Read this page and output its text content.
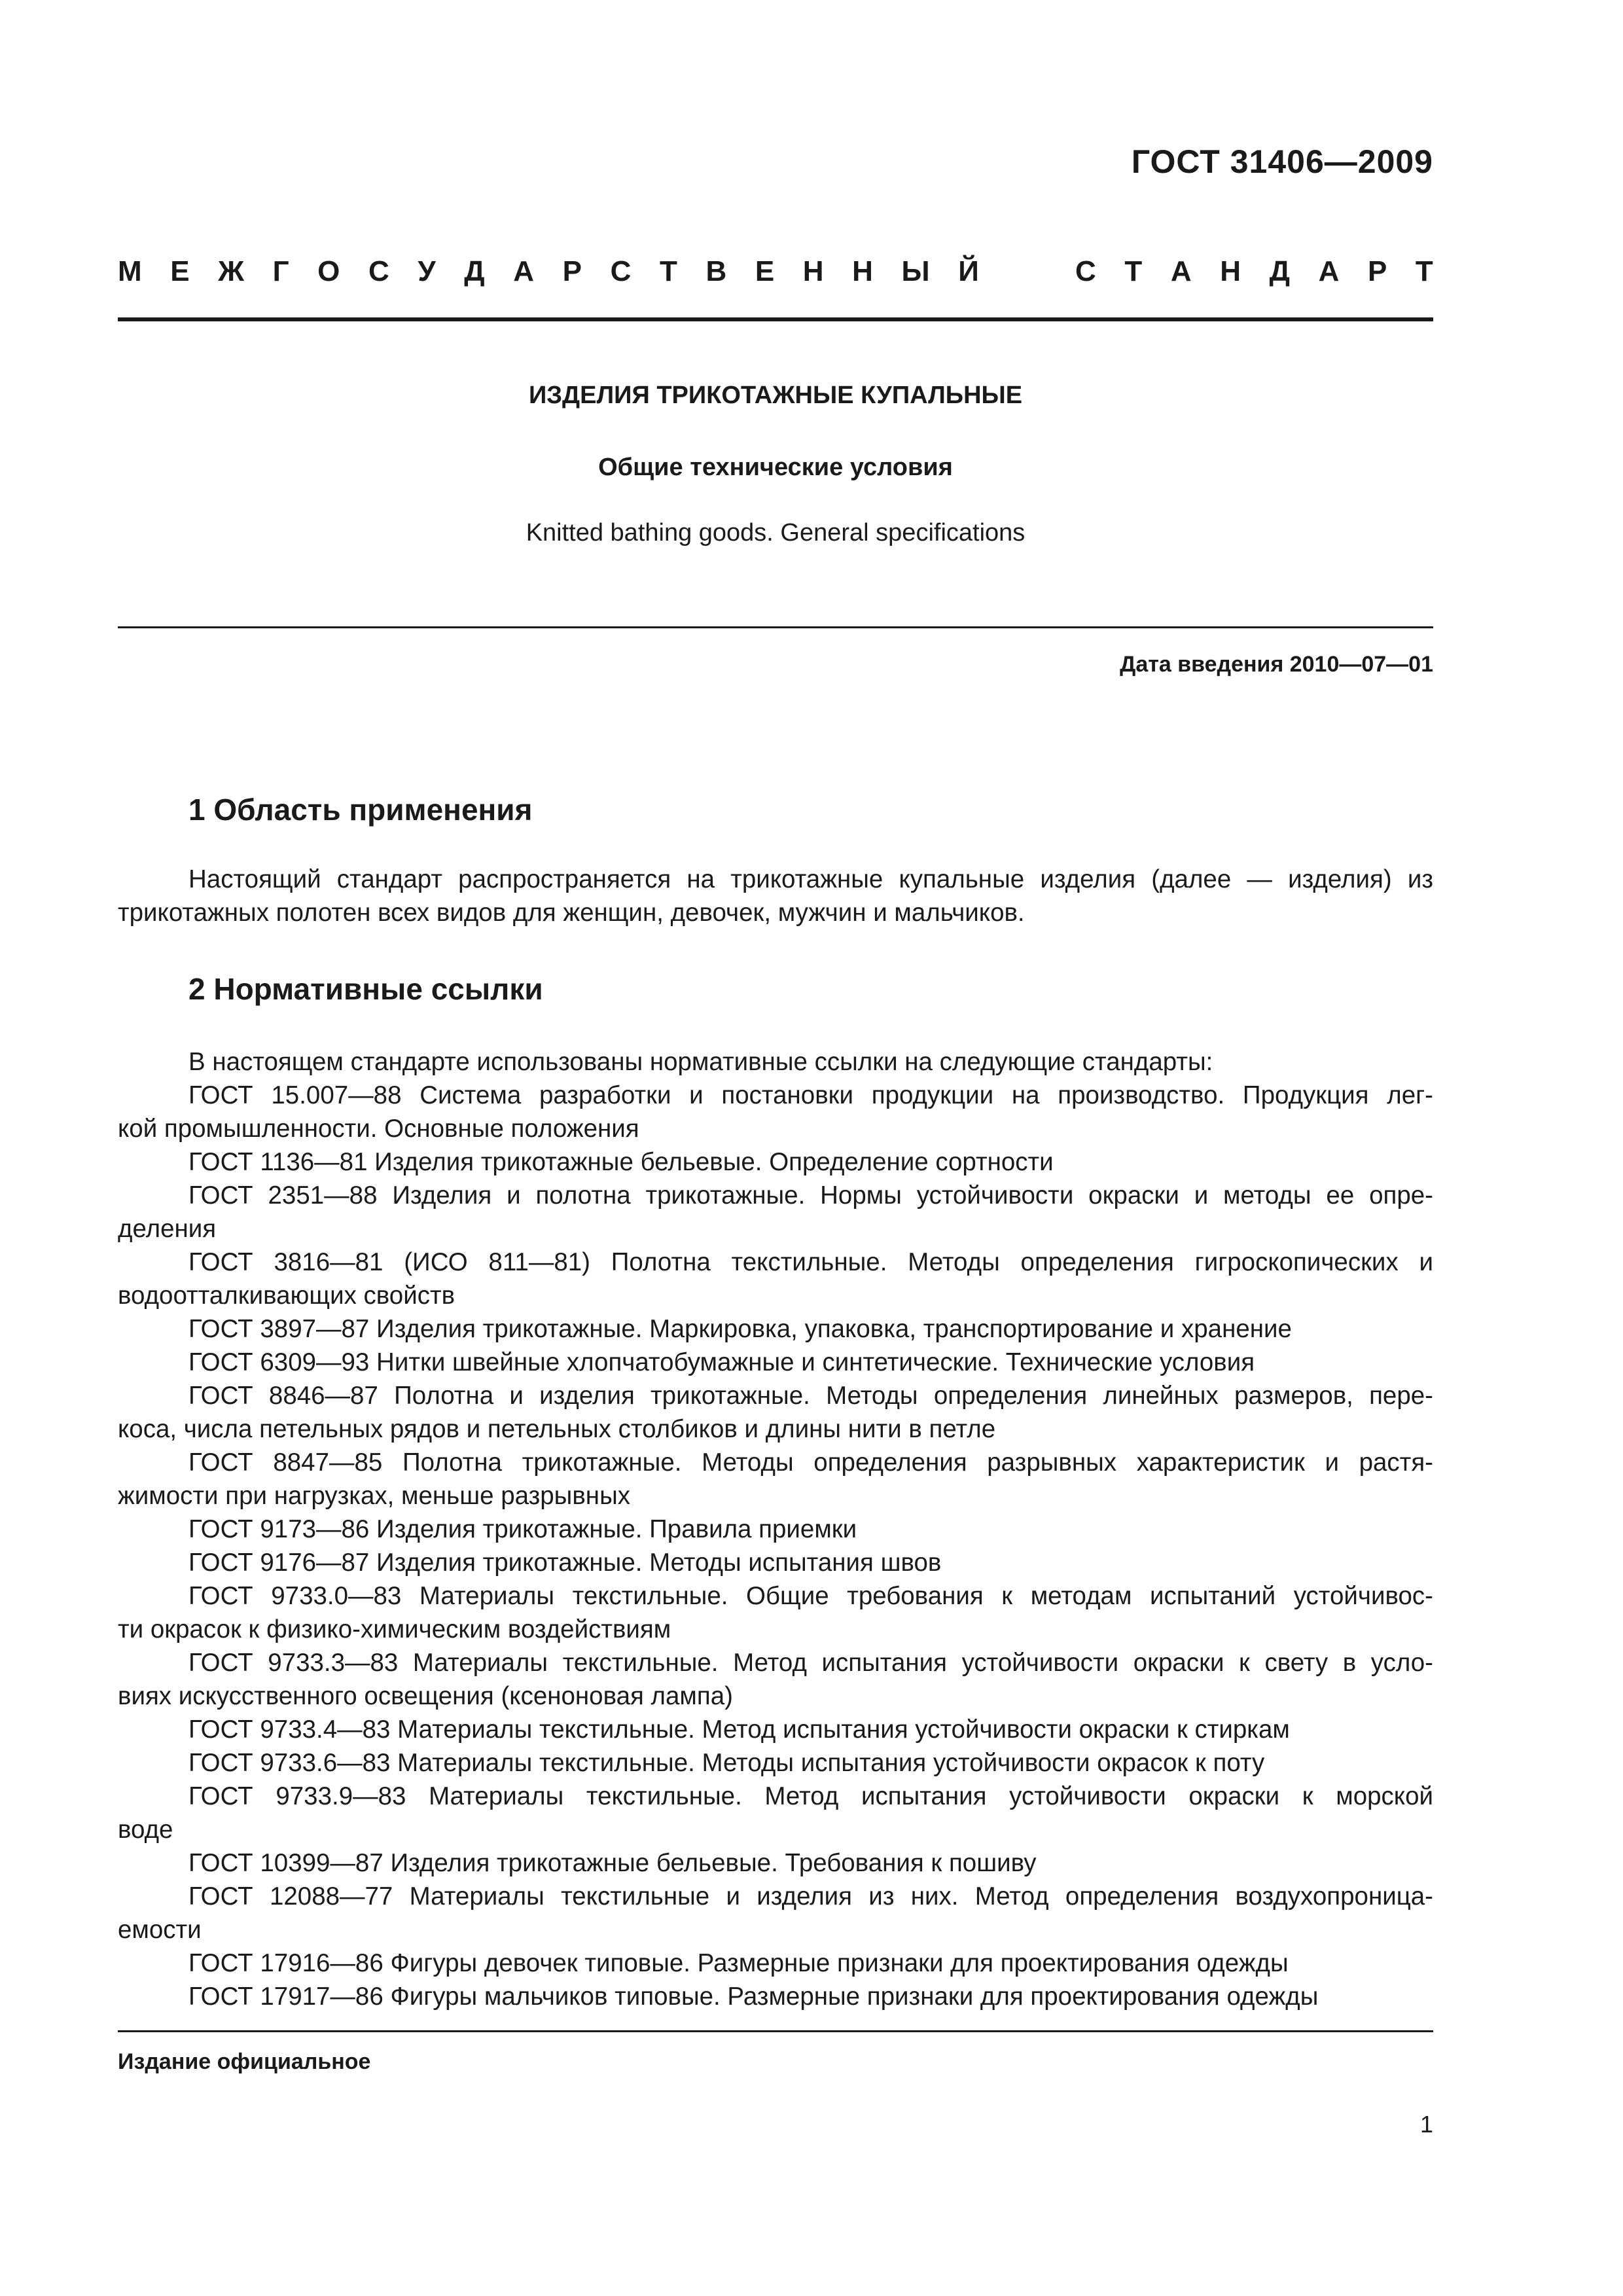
ГОСТ 31406—2009
М Е Ж Г О С У Д А Р С Т В Е Н Н Ы Й	С Т А Н Д А Р Т
ИЗДЕЛИЯ ТРИКОТАЖНЫЕ КУПАЛЬНЫЕ
Общие технические условия
Knitted bathing goods. General specifications
Дата введения 2010—07—01
1 Область применения
Настоящий стандарт распространяется на трикотажные купальные изделия (далее — изделия) из
трикотажных полотен всех видов для женщин, девочек, мужчин и мальчиков.
2 Нормативные ссылки
В настоящем стандарте использованы нормативные ссылки на следующие стандарты:
ГОСТ 15.007—88 Система разработки и постановки продукции на производство. Продукция лег-
кой промышленности. Основные положения
ГОСТ 1136—81 Изделия трикотажные бельевые. Определение сортности
ГОСТ 2351—88 Изделия и полотна трикотажные. Нормы устойчивости окраски и методы ее опре-
деления
ГОСТ 3816—81 (ИСО 811—81) Полотна текстильные. Методы определения гигроскопических и
водоотталкивающих свойств
ГОСТ 3897—87 Изделия трикотажные. Маркировка, упаковка, транспортирование и хранение
ГОСТ 6309—93 Нитки швейные хлопчатобумажные и синтетические. Технические условия
ГОСТ 8846—87 Полотна и изделия трикотажные. Методы определения линейных размеров, пере-
коса, числа петельных рядов и петельных столбиков и длины нити в петле
ГОСТ 8847—85 Полотна трикотажные. Методы определения разрывных характеристик и растя-
жимости при нагрузках, меньше разрывных
ГОСТ 9173—86 Изделия трикотажные. Правила приемки
ГОСТ 9176—87 Изделия трикотажные. Методы испытания швов
ГОСТ 9733.0—83 Материалы текстильные. Общие требования к методам испытаний устойчивос-
ти окрасок к физико-химическим воздействиям
ГОСТ 9733.3—83 Материалы текстильные. Метод испытания устойчивости окраски к свету в усло-
виях искусственного освещения (ксеноновая лампа)
ГОСТ 9733.4—83 Материалы текстильные. Метод испытания устойчивости окраски к стиркам
ГОСТ 9733.6—83 Материалы текстильные. Методы испытания устойчивости окрасок к поту
ГОСТ 9733.9—83 Материалы текстильные. Метод испытания устойчивости окраски к морской
воде
ГОСТ 10399—87 Изделия трикотажные бельевые. Требования к пошиву
ГОСТ 12088—77 Материалы текстильные и изделия из них. Метод определения воздухопроница-
емости
ГОСТ 17916—86 Фигуры девочек типовые. Размерные признаки для проектирования одежды
ГОСТ 17917—86 Фигуры мальчиков типовые. Размерные признаки для проектирования одежды
Издание официальное
1
